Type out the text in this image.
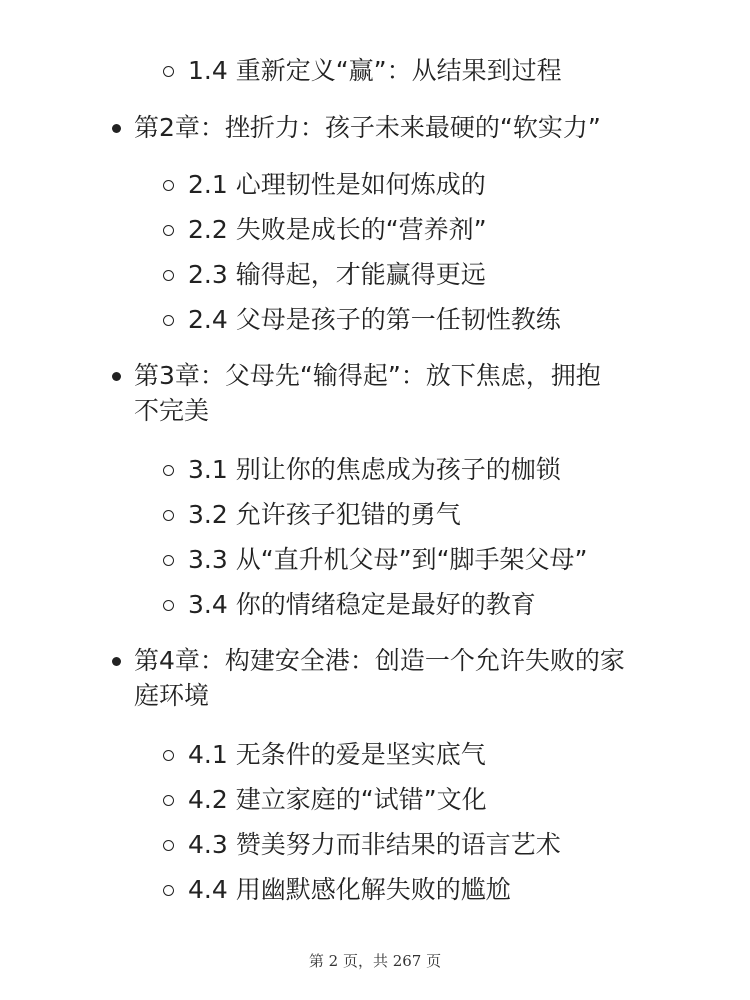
1.4 重新定义“赢”：从结果到过程
第2章：挫折力：孩子未来最硬的“软实力”
2.1 心理韧性是如何炼成的
2.2 失败是成长的“营养剂”
2.3 输得起，才能赢得更远
2.4 父母是孩子的第一任韧性教练
第3章：父母先“输得起”：放下焦虑，拥抱
不完美
3.1 别让你的焦虑成为孩子的枷锁
3.2 允许孩子犯错的勇气
3.3 从“直升机父母”到“脚手架父母”
3.4 你的情绪稳定是最好的教育
第4章：构建安全港：创造一个允许失败的家
庭环境
4.1 无条件的爱是坚实底气
4.2 建立家庭的“试错”文化
4.3 赞美努力而非结果的语言艺术
4.4 用幽默感化解失败的尴尬
第 2 页，共 267 页
